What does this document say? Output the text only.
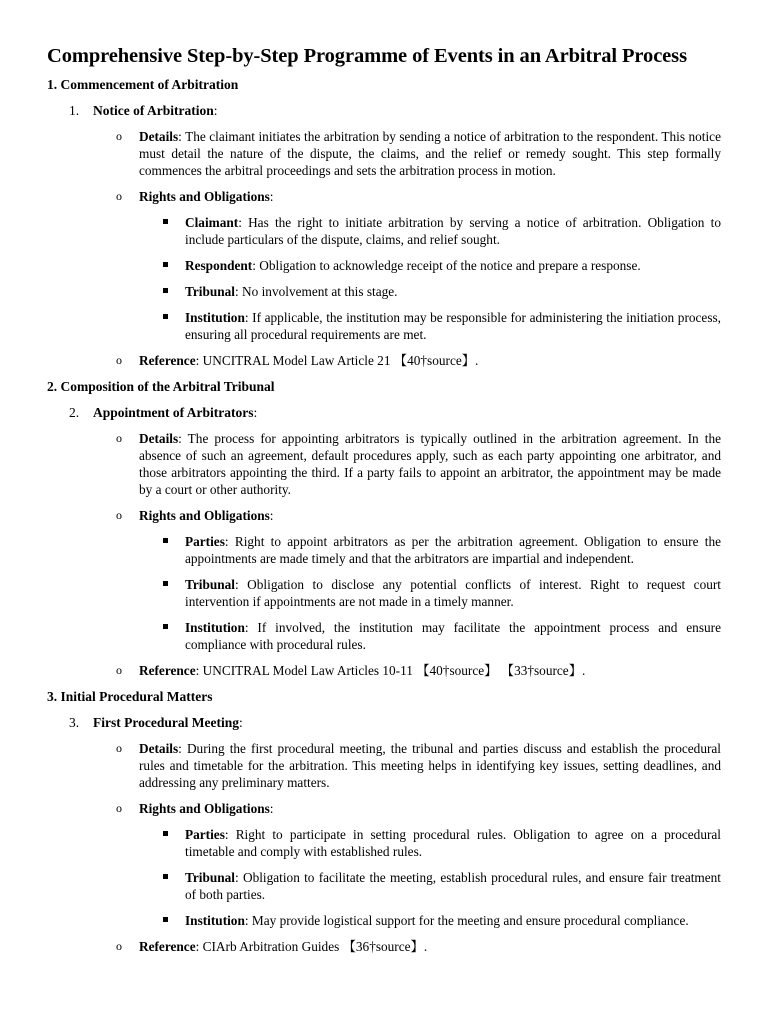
Comprehensive Step-by-Step Programme of Events in an Arbitral Process
1. Commencement of Arbitration
1. Notice of Arbitration:
o Details: The claimant initiates the arbitration by sending a notice of arbitration to the respondent. This notice must detail the nature of the dispute, the claims, and the relief or remedy sought. This step formally commences the arbitral proceedings and sets the arbitration process in motion.
o Rights and Obligations:
Claimant: Has the right to initiate arbitration by serving a notice of arbitration. Obligation to include particulars of the dispute, claims, and relief sought.
Respondent: Obligation to acknowledge receipt of the notice and prepare a response.
Tribunal: No involvement at this stage.
Institution: If applicable, the institution may be responsible for administering the initiation process, ensuring all procedural requirements are met.
o Reference: UNCITRAL Model Law Article 21 【40†source】.
2. Composition of the Arbitral Tribunal
2. Appointment of Arbitrators:
o Details: The process for appointing arbitrators is typically outlined in the arbitration agreement. In the absence of such an agreement, default procedures apply, such as each party appointing one arbitrator, and those arbitrators appointing the third. If a party fails to appoint an arbitrator, the appointment may be made by a court or other authority.
o Rights and Obligations:
Parties: Right to appoint arbitrators as per the arbitration agreement. Obligation to ensure the appointments are made timely and that the arbitrators are impartial and independent.
Tribunal: Obligation to disclose any potential conflicts of interest. Right to request court intervention if appointments are not made in a timely manner.
Institution: If involved, the institution may facilitate the appointment process and ensure compliance with procedural rules.
o Reference: UNCITRAL Model Law Articles 10-11 【40†source】 【33†source】.
3. Initial Procedural Matters
3. First Procedural Meeting:
o Details: During the first procedural meeting, the tribunal and parties discuss and establish the procedural rules and timetable for the arbitration. This meeting helps in identifying key issues, setting deadlines, and addressing any preliminary matters.
o Rights and Obligations:
Parties: Right to participate in setting procedural rules. Obligation to agree on a procedural timetable and comply with established rules.
Tribunal: Obligation to facilitate the meeting, establish procedural rules, and ensure fair treatment of both parties.
Institution: May provide logistical support for the meeting and ensure procedural compliance.
o Reference: CIArb Arbitration Guides 【36†source】.
